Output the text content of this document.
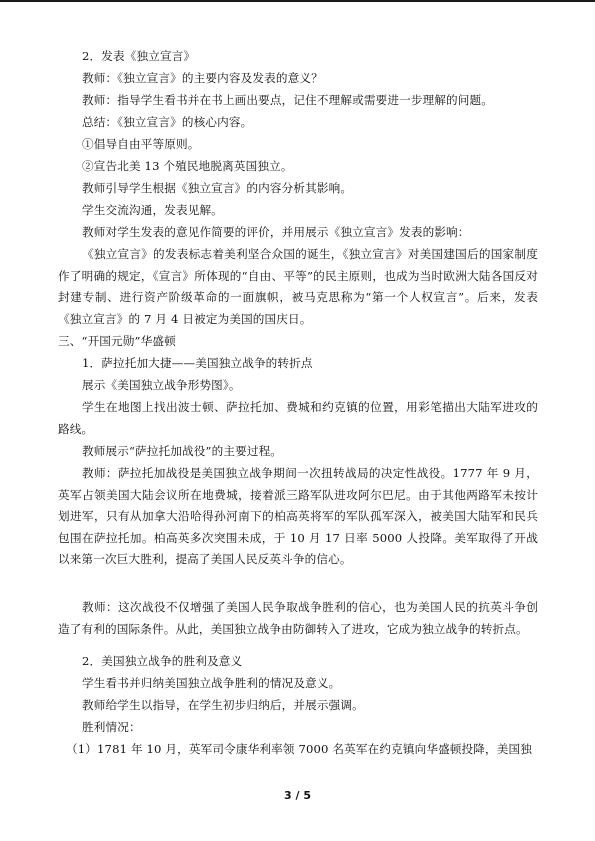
2．发表《独立宣言》
教师：《独立宣言》的主要内容及发表的意义？
教师：指导学生看书并在书上画出要点，记住不理解或需要进一步理解的问题。
总结：《独立宣言》的核心内容。
①倡导自由平等原则。
②宣告北美 13 个殖民地脱离英国独立。
教师引导学生根据《独立宣言》的内容分析其影响。
学生交流沟通，发表见解。
教师对学生发表的意见作简要的评价，并用展示《独立宣言》发表的影响：
《独立宣言》的发表标志着美利坚合众国的诞生，《独立宣言》对美国建国后的国家制度作了明确的规定，《宣言》所体现的“自由、平等”的民主原则，也成为当时欧洲大陆各国反对封建专制、进行资产阶级革命的一面旗帜，被马克思称为“第一个人权宣言”。后来，发表《独立宣言》的 7 月 4 日被定为美国的国庆日。
三、“开国元勋”华盛顿
1．萨拉托加大捷——美国独立战争的转折点
展示《美国独立战争形势图》。
学生在地图上找出波士顿、萨拉托加、费城和约克镇的位置，用彩笔描出大陆军进攻的路线。
教师展示“萨拉托加战役”的主要过程。
教师：萨拉托加战役是美国独立战争期间一次扭转战局的决定性战役。1777 年 9 月，英军占领美国大陆会议所在地费城，接着派三路军队进攻阿尔巴尼。由于其他两路军未按计划进军，只有从加拿大沿哈得孙河南下的柏高英将军的军队孤军深入，被美国大陆军和民兵包围在萨拉托加。柏高英多次突围未成，于 10 月 17 日率 5000 人投降。美军取得了开战以来第一次巨大胜利，提高了美国人民反英斗争的信心。
教师：这次战役不仅增强了美国人民争取战争胜利的信心，也为美国人民的抗英斗争创造了有利的国际条件。从此，美国独立战争由防御转入了进攻，它成为独立战争的转折点。
2．美国独立战争的胜利及意义
学生看书并归纳美国独立战争胜利的情况及意义。
教师给学生以指导，在学生初步归纳后，并展示强调。
胜利情况：
（1）1781 年 10 月，英军司令康华利率领 7000 名英军在约克镇向华盛顿投降，美国独
3 / 5
